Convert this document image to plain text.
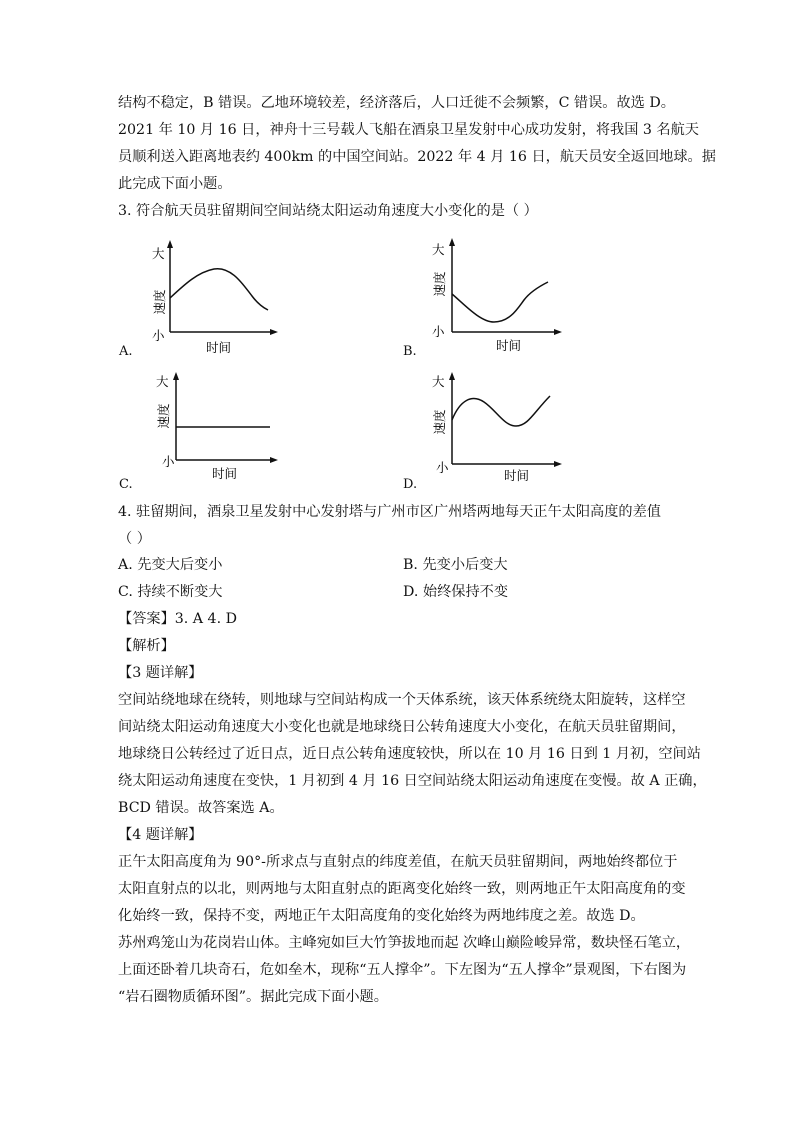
结构不稳定，B 错误。乙地环境较差，经济落后，人口迁徙不会频繁，C 错误。故选 D。
2021 年 10 月 16 日，神舟十三号载人飞船在酒泉卫星发射中心成功发射，将我国 3 名航天
员顺利送入距离地表约 400km 的中国空间站。2022 年 4 月 16 日，航天员安全返回地球。据
此完成下面小题。
3. 符合航天员驻留期间空间站绕太阳运动角速度大小变化的是（ ）
大
小
速度
时间
A.
大
小
速度
时间
B.
大
小
速度
时间
C.
大
小
速度
时间
D.
4. 驻留期间，酒泉卫星发射中心发射塔与广州市区广州塔两地每天正午太阳高度的差值
（ ）
A. 先变大后变小	B. 先变小后变大
C. 持续不断变大	D. 始终保持不变
【答案】3. A 4. D
【解析】
【3 题详解】
空间站绕地球在绕转，则地球与空间站构成一个天体系统，该天体系统绕太阳旋转，这样空
间站绕太阳运动角速度大小变化也就是地球绕日公转角速度大小变化，在航天员驻留期间，
地球绕日公转经过了近日点，近日点公转角速度较快，所以在 10 月 16 日到 1 月初，空间站
绕太阳运动角速度在变快，1 月初到 4 月 16 日空间站绕太阳运动角速度在变慢。故 A 正确，
BCD 错误。故答案选 A。
【4 题详解】
正午太阳高度角为 90°-所求点与直射点的纬度差值，在航天员驻留期间，两地始终都位于
太阳直射点的以北，则两地与太阳直射点的距离变化始终一致，则两地正午太阳高度角的变
化始终一致，保持不变，两地正午太阳高度角的变化始终为两地纬度之差。故选 D。
苏州鸡笼山为花岗岩山体。主峰宛如巨大竹笋拔地而起 次峰山巅险峻异常，数块怪石笔立，
上面还卧着几块奇石，危如垒木，现称“五人撑伞”。下左图为“五人撑伞”景观图，下右图为
“岩石圈物质循环图”。据此完成下面小题。
